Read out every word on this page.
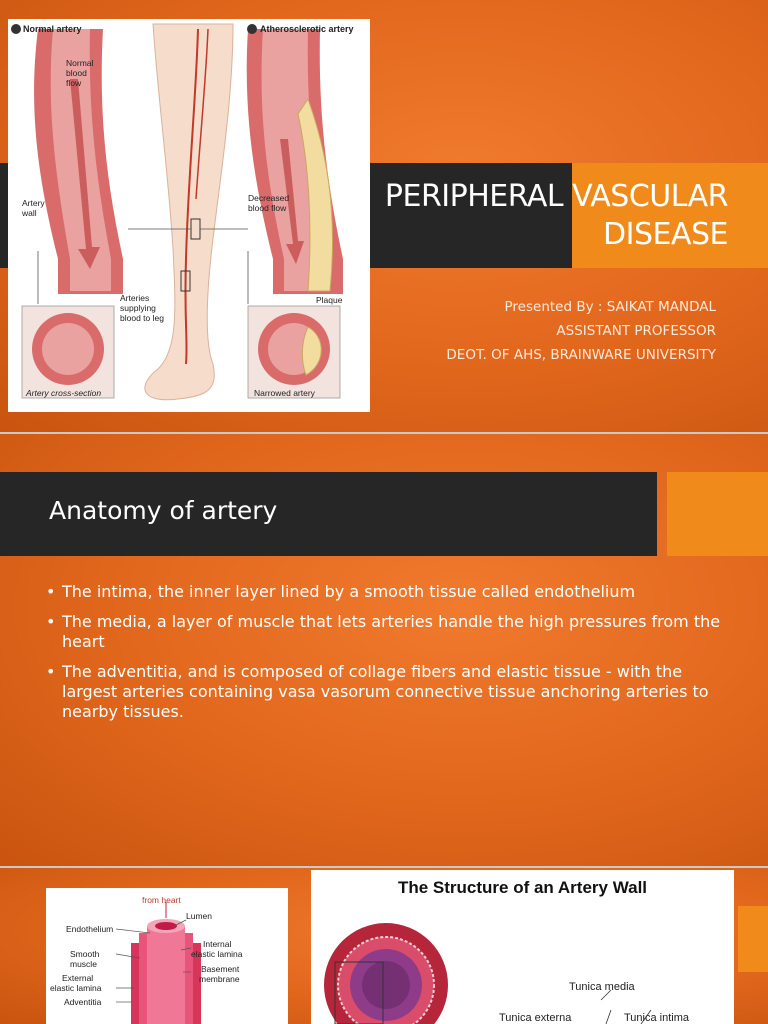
Normal artery	Atherosclerotic artery
Normal
blood
flow
Artery
wall
Decreased
blood flow
Arteries
supplying
blood to leg
Plaque
Artery cross-section	Narrowed artery
PERIPHERAL VASCULAR
DISEASE
Presented By : SAIKAT MANDAL
ASSISTANT PROFESSOR
DEOT. OF AHS, BRAINWARE UNIVERSITY
Anatomy of artery
• The intima, the inner layer lined by a smooth tissue called endothelium
• The media, a layer of muscle that lets arteries handle the high pressures from the heart
• The adventitia, and is composed of collage fibers and elastic tissue - with the largest arteries containing vasa vasorum connective tissue anchoring arteries to nearby tissues.
from heart
Lumen
Endothelium
Smooth
muscle
Internal
elastic lamina
Basement
membrane
External
elastic lamina
Adventitia
The Structure of an Artery Wall
Tunica media
Tunica externa	Tunica intima
